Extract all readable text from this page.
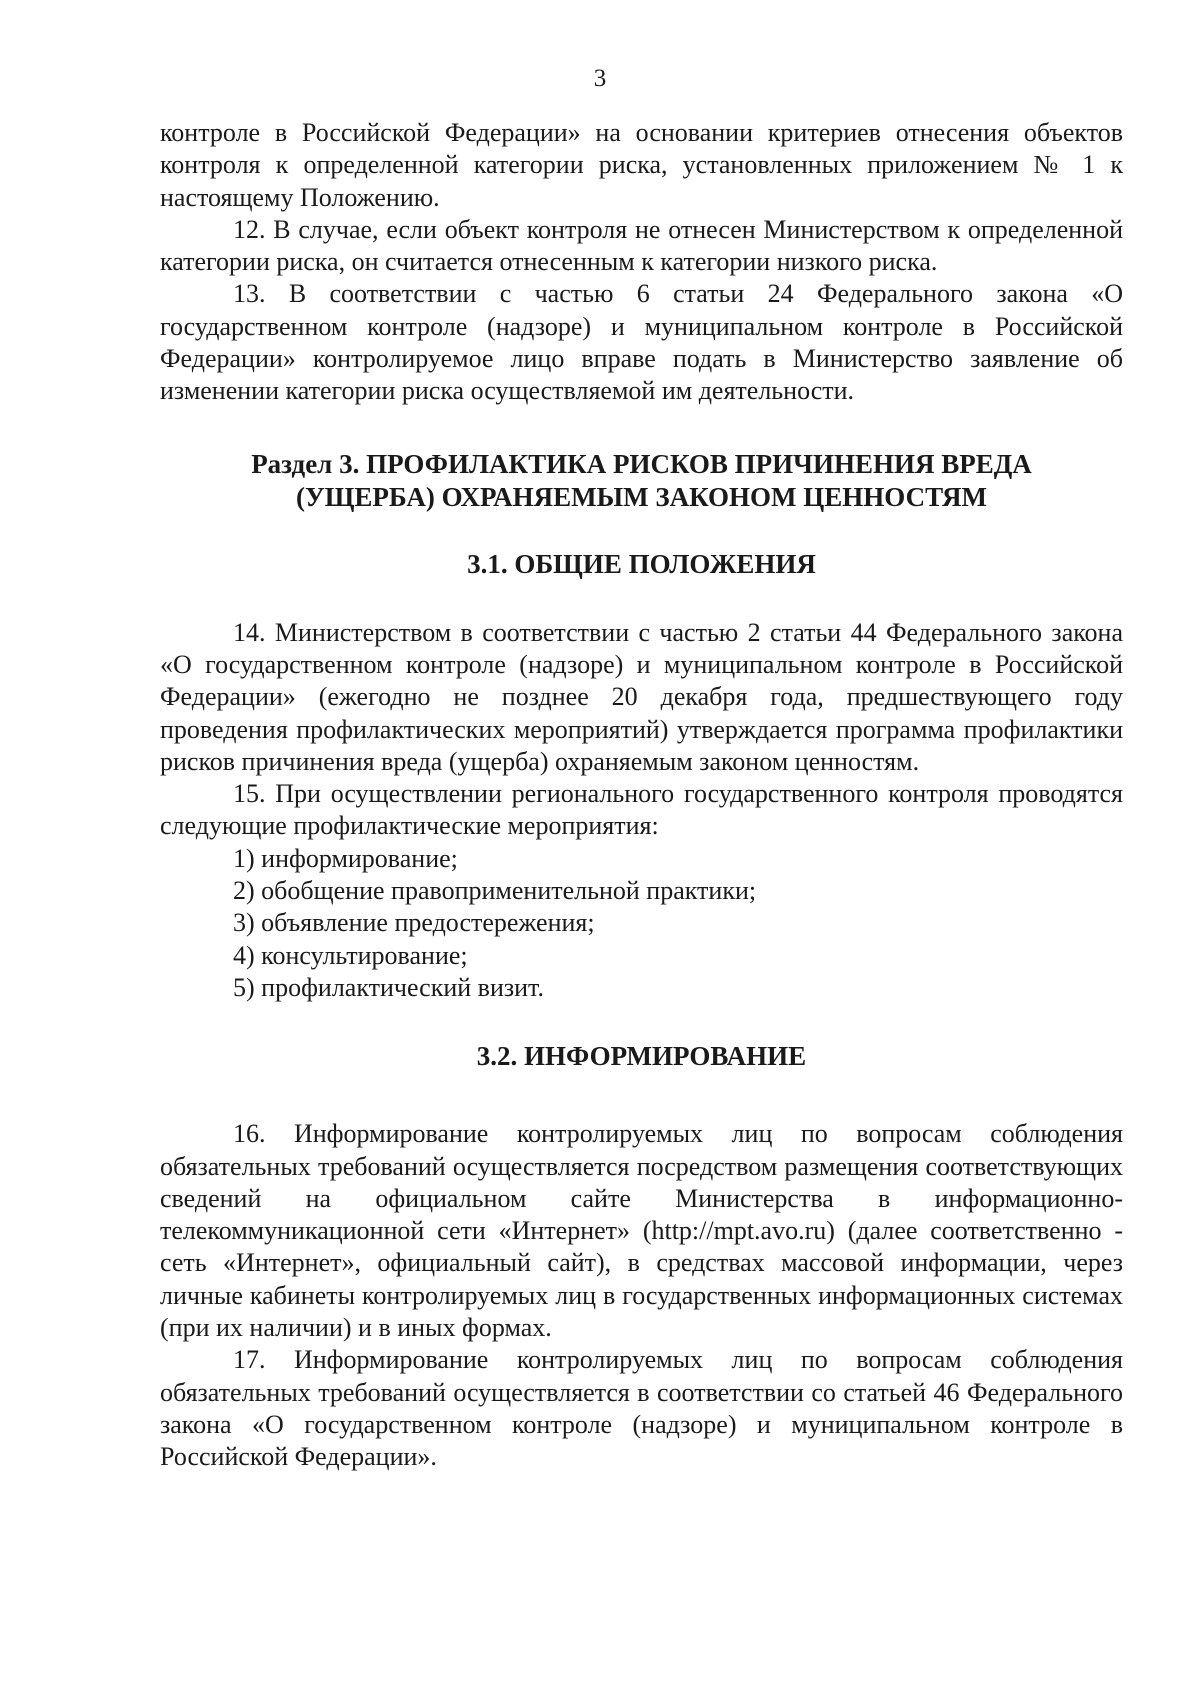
3

контроле в Российской Федерации» на основании критериев отнесения объектов контроля к определенной категории риска, установленных приложением № 1 к настоящему Положению.

12. В случае, если объект контроля не отнесен Министерством к определенной категории риска, он считается отнесенным к категории низкого риска.

13. В соответствии с частью 6 статьи 24 Федерального закона «О государственном контроле (надзоре) и муниципальном контроле в Российской Федерации» контролируемое лицо вправе подать в Министерство заявление об изменении категории риска осуществляемой им деятельности.

Раздел 3. ПРОФИЛАКТИКА РИСКОВ ПРИЧИНЕНИЯ ВРЕДА
(УЩЕРБА) ОХРАНЯЕМЫМ ЗАКОНОМ ЦЕННОСТЯМ
3.1. ОБЩИЕ ПОЛОЖЕНИЯ

14. Министерством в соответствии с частью 2 статьи 44 Федерального закона «О государственном контроле (надзоре) и муниципальном контроле в Российской Федерации» (ежегодно не позднее 20 декабря года, предшествующего году проведения профилактических мероприятий) утверждается программа профилактики рисков причинения вреда (ущерба) охраняемым законом ценностям.

15. При осуществлении регионального государственного контроля проводятся следующие профилактические мероприятия:

1) информирование;
2) обобщение правоприменительной практики;
3) объявление предостережения;
4) консультирование;
5) профилактический визит.
3.2. ИНФОРМИРОВАНИЕ

16. Информирование контролируемых лиц по вопросам соблюдения обязательных требований осуществляется посредством размещения соответствующих сведений на официальном сайте Министерства в информационно-телекоммуникационной сети «Интернет» (http://mpt.avo.ru) (далее соответственно - сеть «Интернет», официальный сайт), в средствах массовой информации, через личные кабинеты контролируемых лиц в государственных информационных системах (при их наличии) и в иных формах.

17. Информирование контролируемых лиц по вопросам соблюдения обязательных требований осуществляется в соответствии со статьей 46 Федерального закона «О государственном контроле (надзоре) и муниципальном контроле в Российской Федерации».
